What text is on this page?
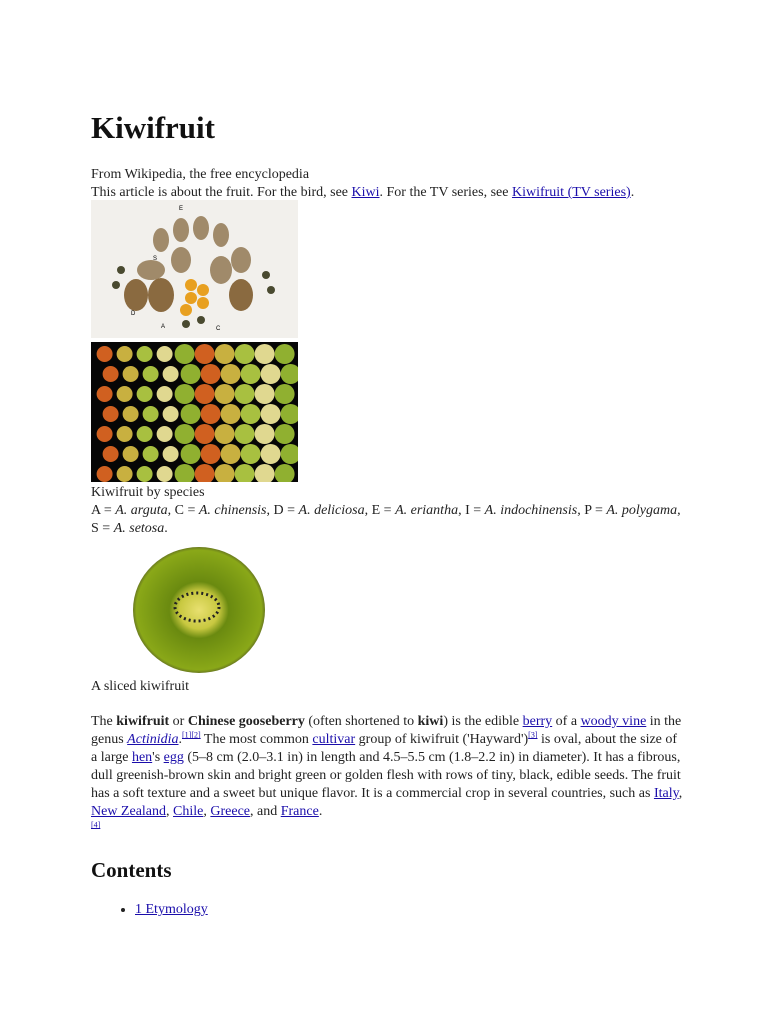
Kiwifruit
From Wikipedia, the free encyclopedia
This article is about the fruit. For the bird, see Kiwi. For the TV series, see Kiwifruit (TV series).
E
S
D
A	C
Kiwifruit by species
A = A. arguta, C = A. chinensis, D = A. deliciosa, E = A. eriantha, I = A. indochinensis, P = A. polygama, S = A. setosa.
A sliced kiwifruit
The kiwifruit or Chinese gooseberry (often shortened to kiwi) is the edible berry of a woody vine in the genus Actinidia.[1][2] The most common cultivar group of kiwifruit ('Hayward')[3] is oval, about the size of a large hen's egg (5–8 cm (2.0–3.1 in) in length and 4.5–5.5 cm (1.8–2.2 in) in diameter). It has a fibrous, dull greenish-brown skin and bright green or golden flesh with rows of tiny, black, edible seeds. The fruit has a soft texture and a sweet but unique flavor. It is a commercial crop in several countries, such as Italy, New Zealand, Chile, Greece, and France.
[4]
Contents
• 1 Etymology
